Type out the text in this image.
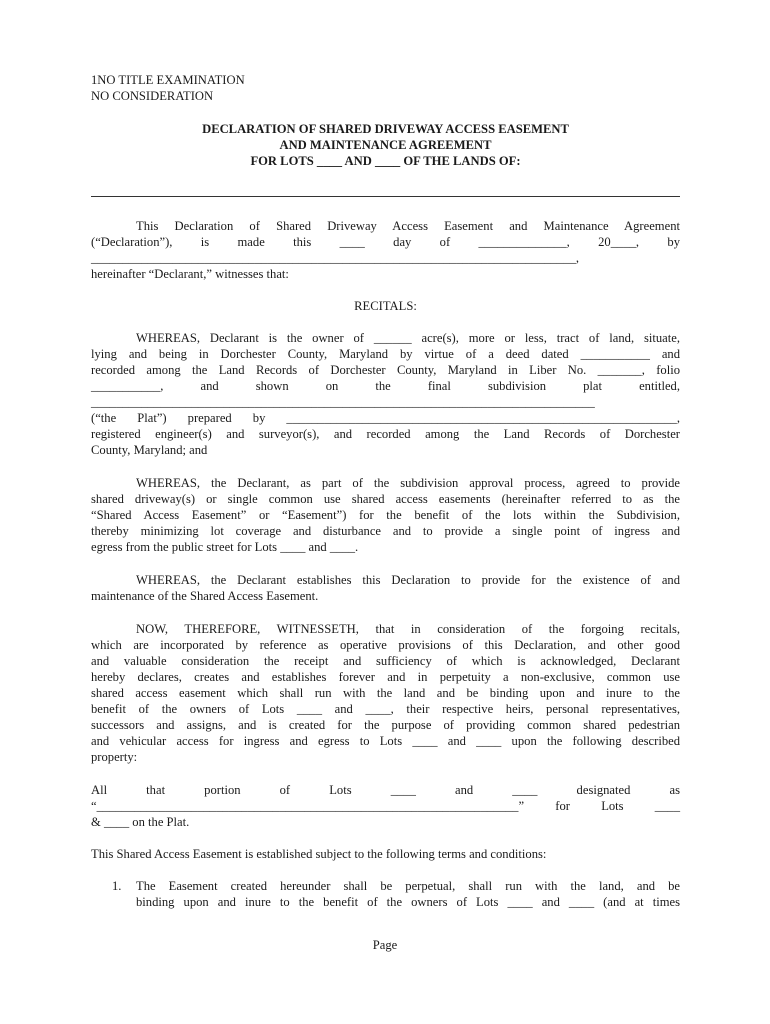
1NO TITLE EXAMINATION
NO CONSIDERATION
DECLARATION OF SHARED DRIVEWAY ACCESS EASEMENT
AND MAINTENANCE AGREEMENT
FOR LOTS ____ AND ____ OF THE LANDS OF:
This Declaration of Shared Driveway Access Easement and Maintenance Agreement
(“Declaration”), is made this ____ day of ______________, 20____, by
_____________________________________________________________________________,
hereinafter “Declarant,” witnesses that:
RECITALS:
WHEREAS, Declarant is the owner of ______ acre(s), more or less, tract of land, situate,
lying and being in Dorchester County, Maryland by virtue of a deed dated ___________ and
recorded among the Land Records of Dorchester County, Maryland in Liber No. _______, folio
___________, and shown on the final subdivision plat entitled,
________________________________________________________________________________
(“the Plat”) prepared by ______________________________________________________________,
registered engineer(s) and surveyor(s), and recorded among the Land Records of Dorchester
County, Maryland; and
WHEREAS, the Declarant, as part of the subdivision approval process, agreed to provide
shared driveway(s) or single common use shared access easements (hereinafter referred to as the
“Shared Access Easement” or “Easement”) for the benefit of the lots within the Subdivision,
thereby minimizing lot coverage and disturbance and to provide a single point of ingress and
egress from the public street for Lots ____ and ____.
WHEREAS, the Declarant establishes this Declaration to provide for the existence of and
maintenance of the Shared Access Easement.
NOW, THEREFORE, WITNESSETH, that in consideration of the forgoing recitals,
which are incorporated by reference as operative provisions of this Declaration, and other good
and valuable consideration the receipt and sufficiency of which is acknowledged, Declarant
hereby declares, creates and establishes forever and in perpetuity a non-exclusive, common use
shared access easement which shall run with the land and be binding upon and inure to the
benefit of the owners of Lots ____ and ____, their respective heirs, personal representatives,
successors and assigns, and is created for the purpose of providing common shared pedestrian
and vehicular access for ingress and egress to Lots ____ and ____ upon the following described
property:
All that portion of Lots ____ and ____ designated as
“___________________________________________________________________” for Lots ____
& ____ on the Plat.
This Shared Access Easement is established subject to the following terms and conditions:
1. The Easement created hereunder shall be perpetual, shall run with the land, and be
binding upon and inure to the benefit of the owners of Lots ____ and ____ (and at times
Page
